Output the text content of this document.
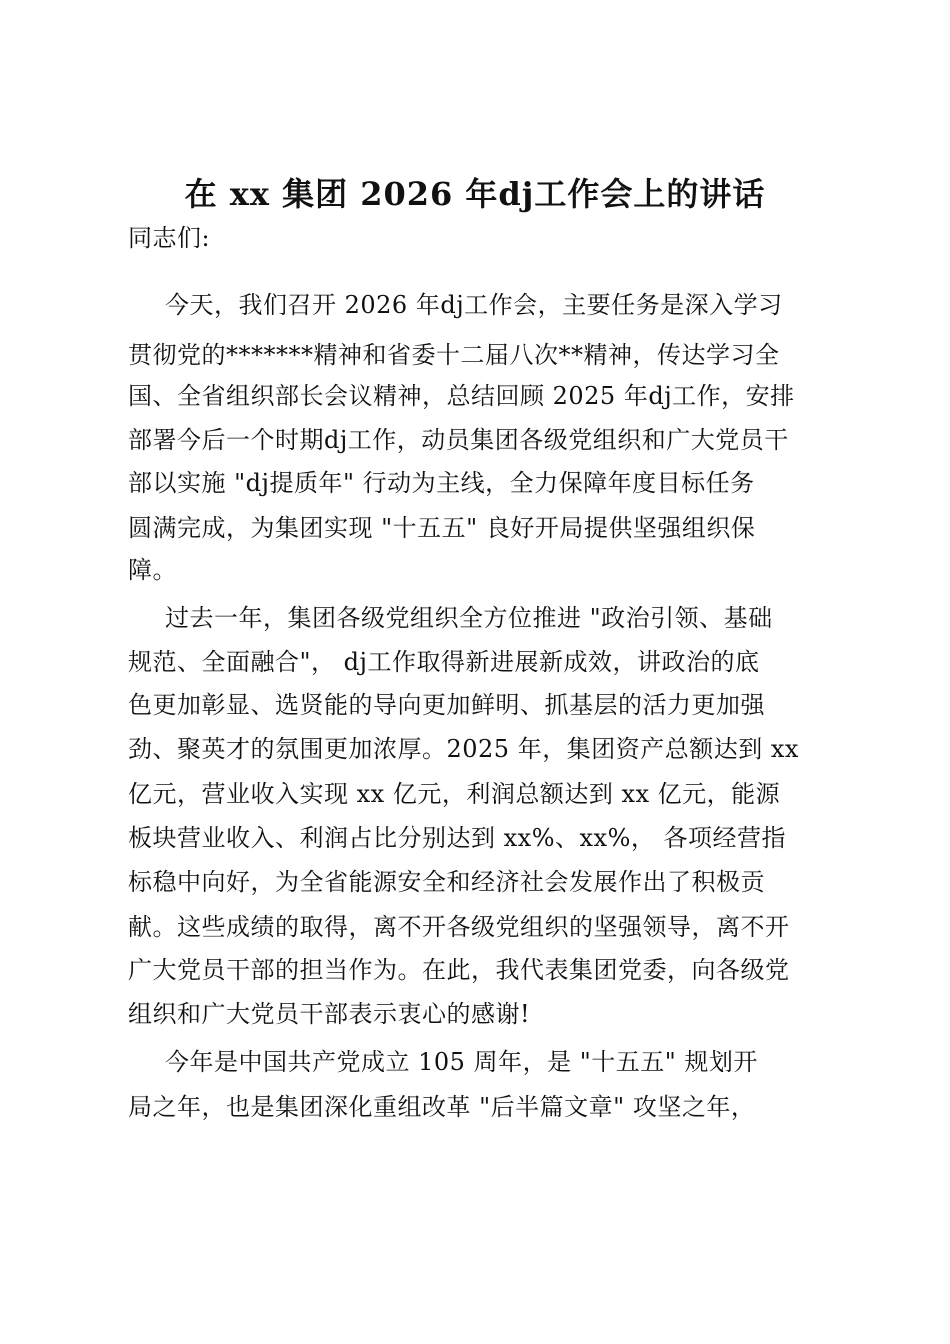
在 xx 集团 2026 年dj工作会上的讲话
同志们:
今天，我们召开 2026 年dj工作会，主要任务是深入学习
贯彻党的*******精神和省委十二届八次**精神，传达学习全
国、全省组织部长会议精神，总结回顾 2025 年dj工作，安排
部署今后一个时期dj工作，动员集团各级党组织和广大党员干
部以实施 "dj提质年" 行动为主线，全力保障年度目标任务
圆满完成，为集团实现 "十五五" 良好开局提供坚强组织保
障。
过去一年，集团各级党组织全方位推进 "政治引领、基础
规范、全面融合"， dj工作取得新进展新成效，讲政治的底
色更加彰显、选贤能的导向更加鲜明、抓基层的活力更加强
劲、聚英才的氛围更加浓厚。2025 年，集团资产总额达到 xx
亿元，营业收入实现 xx 亿元，利润总额达到 xx 亿元，能源
板块营业收入、利润占比分别达到 xx%、xx%， 各项经营指
标稳中向好，为全省能源安全和经济社会发展作出了积极贡
献。这些成绩的取得，离不开各级党组织的坚强领导，离不开
广大党员干部的担当作为。在此，我代表集团党委，向各级党
组织和广大党员干部表示衷心的感谢!
今年是中国共产党成立 105 周年，是 "十五五" 规划开
局之年，也是集团深化重组改革 "后半篇文章" 攻坚之年，
